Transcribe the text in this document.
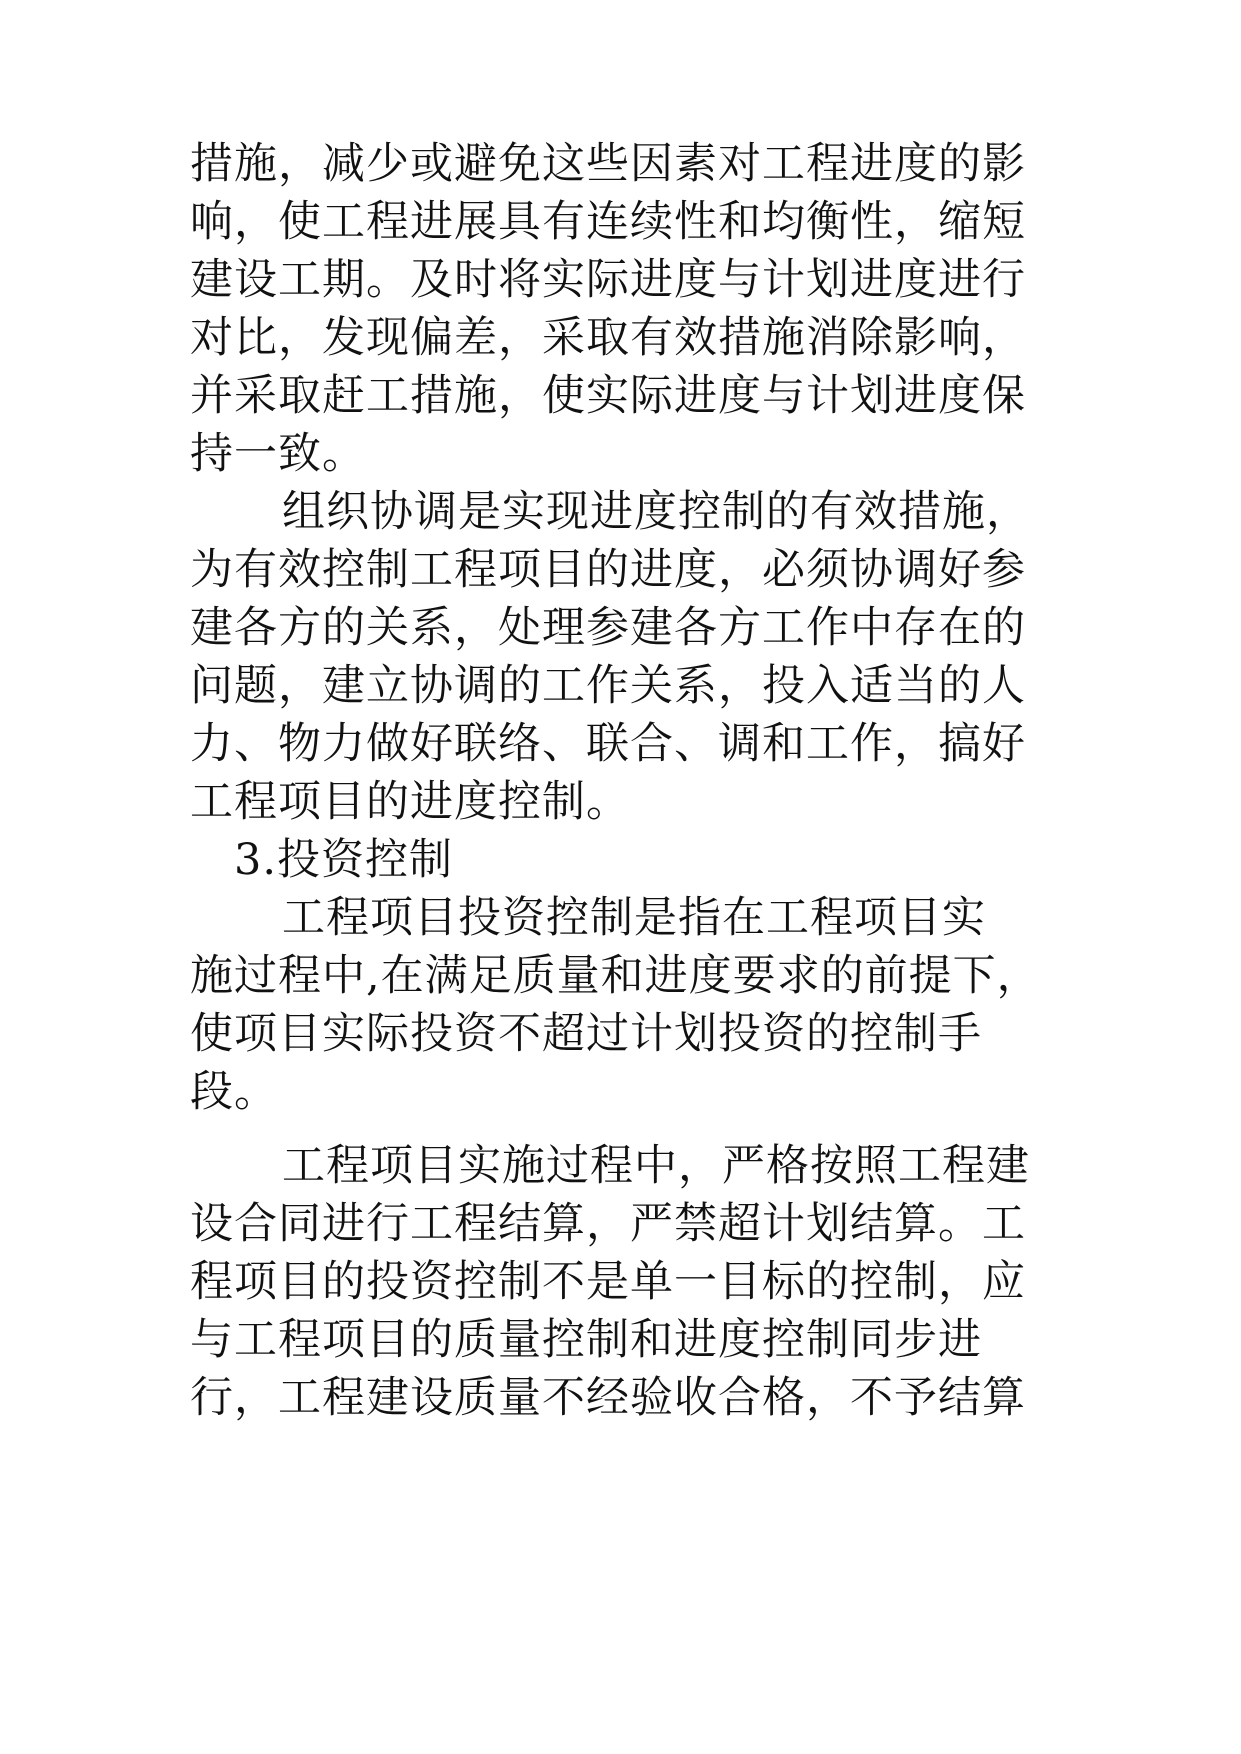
措施，减少或避免这些因素对工程进度的影
响，使工程进展具有连续性和均衡性，缩短
建设工期。及时将实际进度与计划进度进行
对比，发现偏差，采取有效措施消除影响，
并采取赶工措施，使实际进度与计划进度保
持一致。
组织协调是实现进度控制的有效措施，
为有效控制工程项目的进度，必须协调好参
建各方的关系，处理参建各方工作中存在的
问题，建立协调的工作关系，投入适当的人
力、物力做好联络、联合、调和工作，搞好
工程项目的进度控制。
3.投资控制
工程项目投资控制是指在工程项目实
施过程中,在满足质量和进度要求的前提下，
使项目实际投资不超过计划投资的控制手
段。
工程项目实施过程中，严格按照工程建
设合同进行工程结算，严禁超计划结算。工
程项目的投资控制不是单一目标的控制，应
与工程项目的质量控制和进度控制同步进
行，工程建设质量不经验收合格，不予结算
